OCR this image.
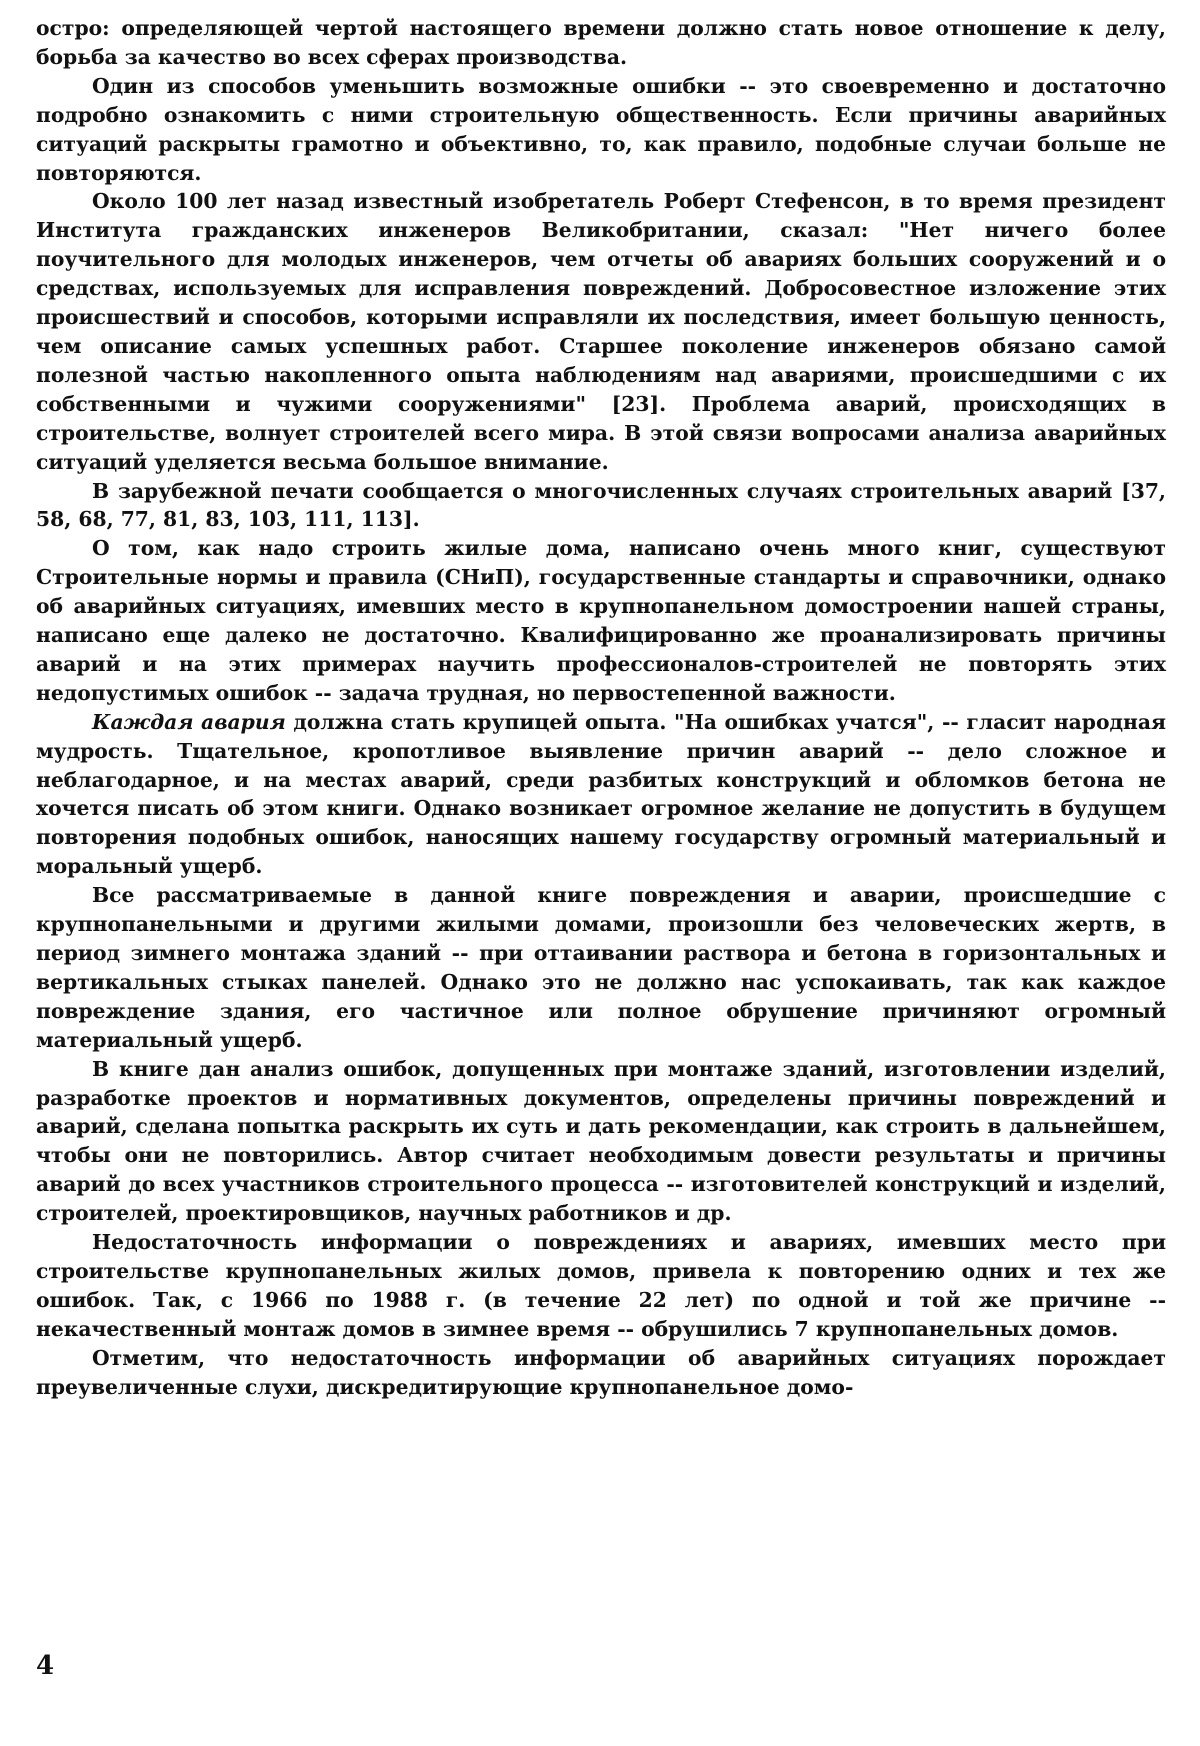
остро: определяющей чертой настоящего времени должно стать новое отношение к делу, борьба за качество во всех сферах производства.

Один из способов уменьшить возможные ошибки -- это своевременно и достаточно подробно ознакомить с ними строительную общественность. Если причины аварийных ситуаций раскрыты грамотно и объективно, то, как правило, подобные случаи больше не повторяются.

Около 100 лет назад известный изобретатель Роберт Стефенсон, в то время президент Института гражданских инженеров Великобритании, сказал: "Нет ничего более поучительного для молодых инженеров, чем отчеты об авариях больших сооружений и о средствах, используемых для исправления повреждений. Добросовестное изложение этих происшествий и способов, которыми исправляли их последствия, имеет большую ценность, чем описание самых успешных работ. Старшее поколение инженеров обязано самой полезной частью накопленного опыта наблюдениям над авариями, происшедшими с их собственными и чужими сооружениями" [23]. Проблема аварий, происходящих в строительстве, волнует строителей всего мира. В этой связи вопросами анализа аварийных ситуаций уделяется весьма большое внимание.

В зарубежной печати сообщается о многочисленных случаях строительных аварий [37, 58, 68, 77, 81, 83, 103, 111, 113].

О том, как надо строить жилые дома, написано очень много книг, существуют Строительные нормы и правила (СНиП), государственные стандарты и справочники, однако об аварийных ситуациях, имевших место в крупнопанельном домостроении нашей страны, написано еще далеко не достаточно. Квалифицированно же проанализировать причины аварий и на этих примерах научить профессионалов-строителей не повторять этих недопустимых ошибок -- задача трудная, но первостепенной важности.

Каждая авария должна стать крупицей опыта. "На ошибках учатся", -- гласит народная мудрость. Тщательное, кропотливое выявление причин аварий -- дело сложное и неблагодарное, и на местах аварий, среди разбитых конструкций и обломков бетона не хочется писать об этом книги. Однако возникает огромное желание не допустить в будущем повторения подобных ошибок, наносящих нашему государству огромный материальный и моральный ущерб.

Все рассматриваемые в данной книге повреждения и аварии, происшедшие с крупнопанельными и другими жилыми домами, произошли без человеческих жертв, в период зимнего монтажа зданий -- при оттаивании раствора и бетона в горизонтальных и вертикальных стыках панелей. Однако это не должно нас успокаивать, так как каждое повреждение здания, его частичное или полное обрушение причиняют огромный материальный ущерб.

В книге дан анализ ошибок, допущенных при монтаже зданий, изготовлении изделий, разработке проектов и нормативных документов, определены причины повреждений и аварий, сделана попытка раскрыть их суть и дать рекомендации, как строить в дальнейшем, чтобы они не повторились. Автор считает необходимым довести результаты и причины аварий до всех участников строительного процесса -- изготовителей конструкций и изделий, строителей, проектировщиков, научных работников и др.

Недостаточность информации о повреждениях и авариях, имевших место при строительстве крупнопанельных жилых домов, привела к повторению одних и тех же ошибок. Так, с 1966 по 1988 г. (в течение 22 лет) по одной и той же причине -- некачественный монтаж домов в зимнее время -- обрушились 7 крупнопанельных домов.

Отметим, что недостаточность информации об аварийных ситуациях порождает преувеличенные слухи, дискредитирующие крупнопанельное домо-

4
